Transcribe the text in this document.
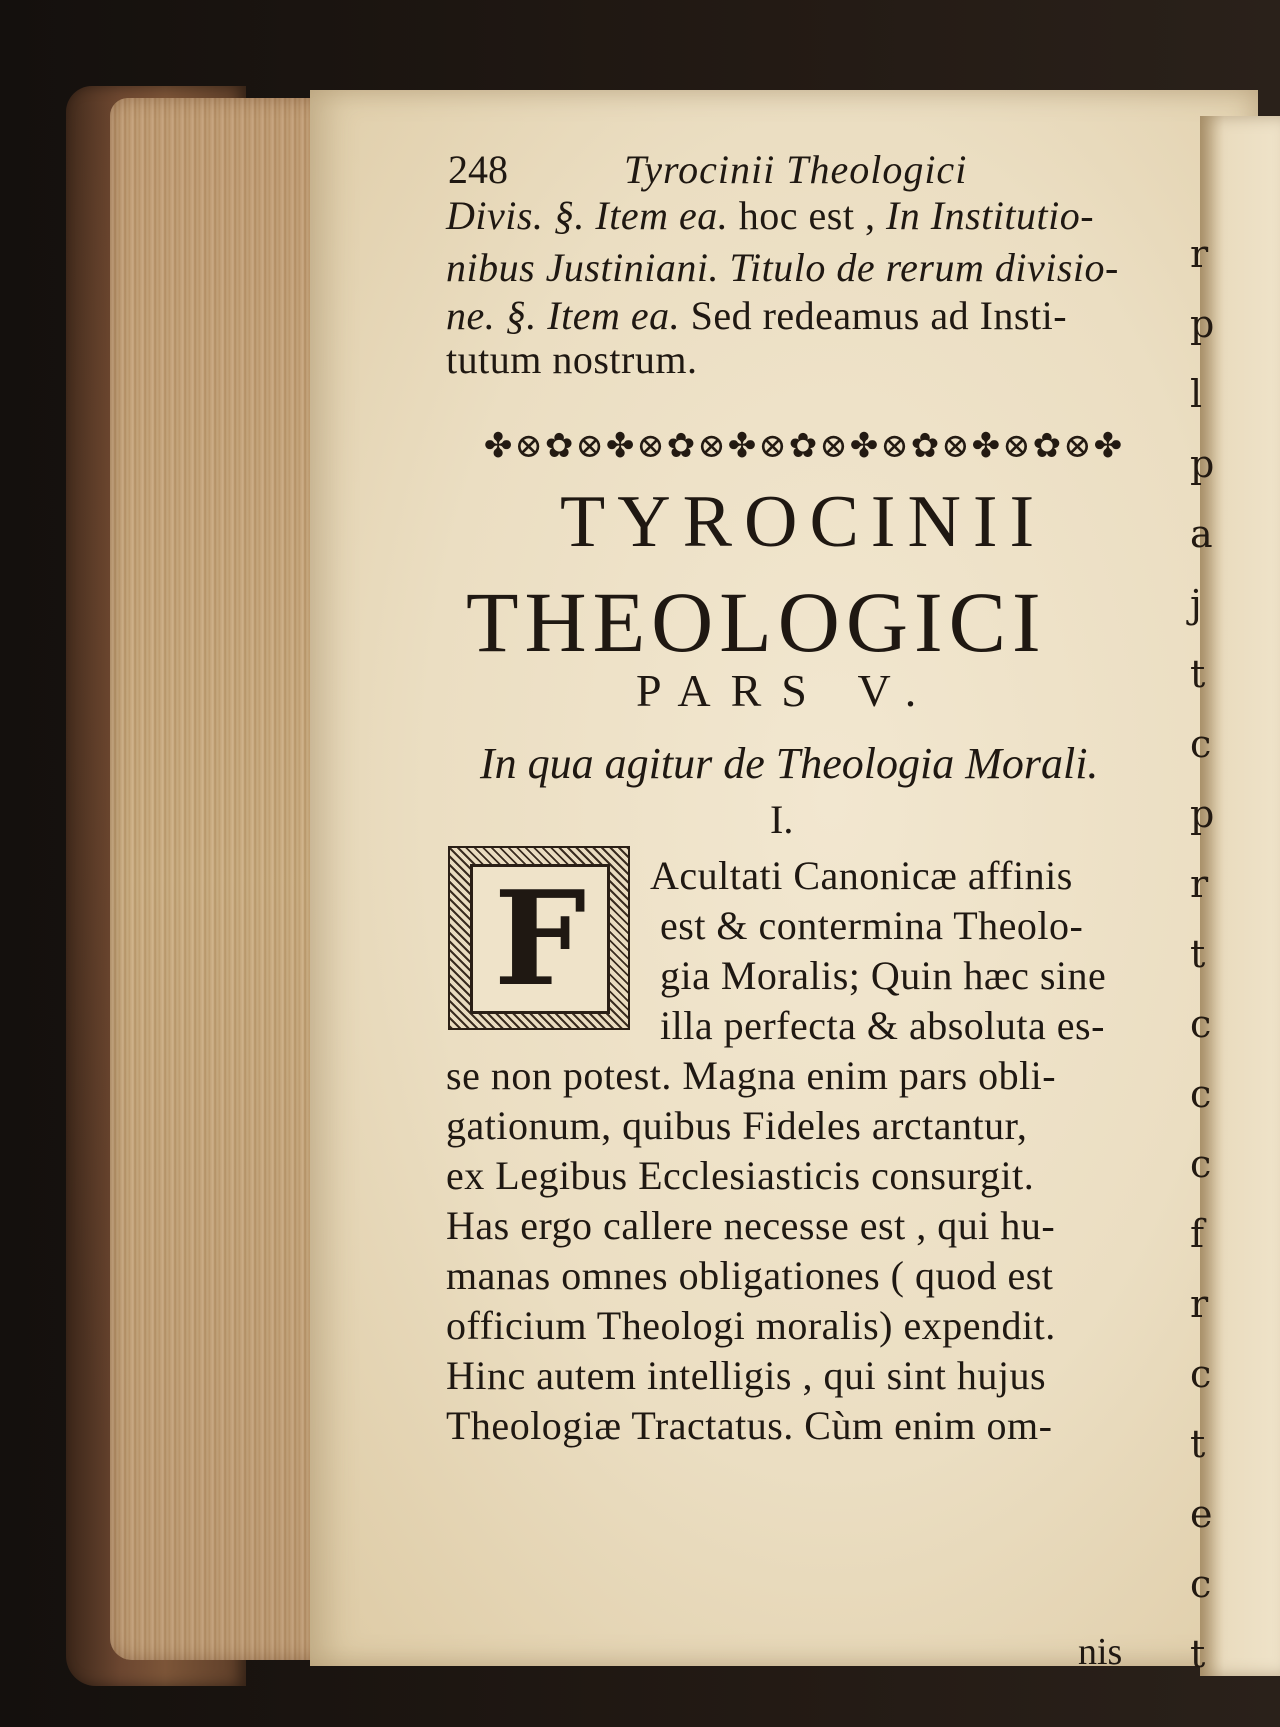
r
p
l
p
a
j
t
c
p
r
t
c
c
c
f
r
c
t
e
c
t
248	Tyrocinii Theologici
Divis. §. Item ea. hoc est , In Institutio-
nibus Justiniani. Titulo de rerum divisio-
ne. §. Item ea. Sed redeamus ad Insti-
tutum nostrum.
✤⊗✿⊗✤⊗✿⊗✤⊗✿⊗✤⊗✿⊗✤⊗✿⊗✤
TYROCINII
THEOLOGICI
PARS V.
In qua agitur de Theologia Morali.
I.
F Acultati Canonicæ affinis
est & contermina Theolo-
gia Moralis; Quin hæc sine
illa perfecta & absoluta es-
se non potest. Magna enim pars obli-
gationum, quibus Fideles arctantur,
ex Legibus Ecclesiasticis consurgit.
Has ergo callere necesse est , qui hu-
manas omnes obligationes ( quod est
officium Theologi moralis) expendit.
Hinc autem intelligis , qui sint hujus
Theologiæ Tractatus. Cùm enim om-
nis
